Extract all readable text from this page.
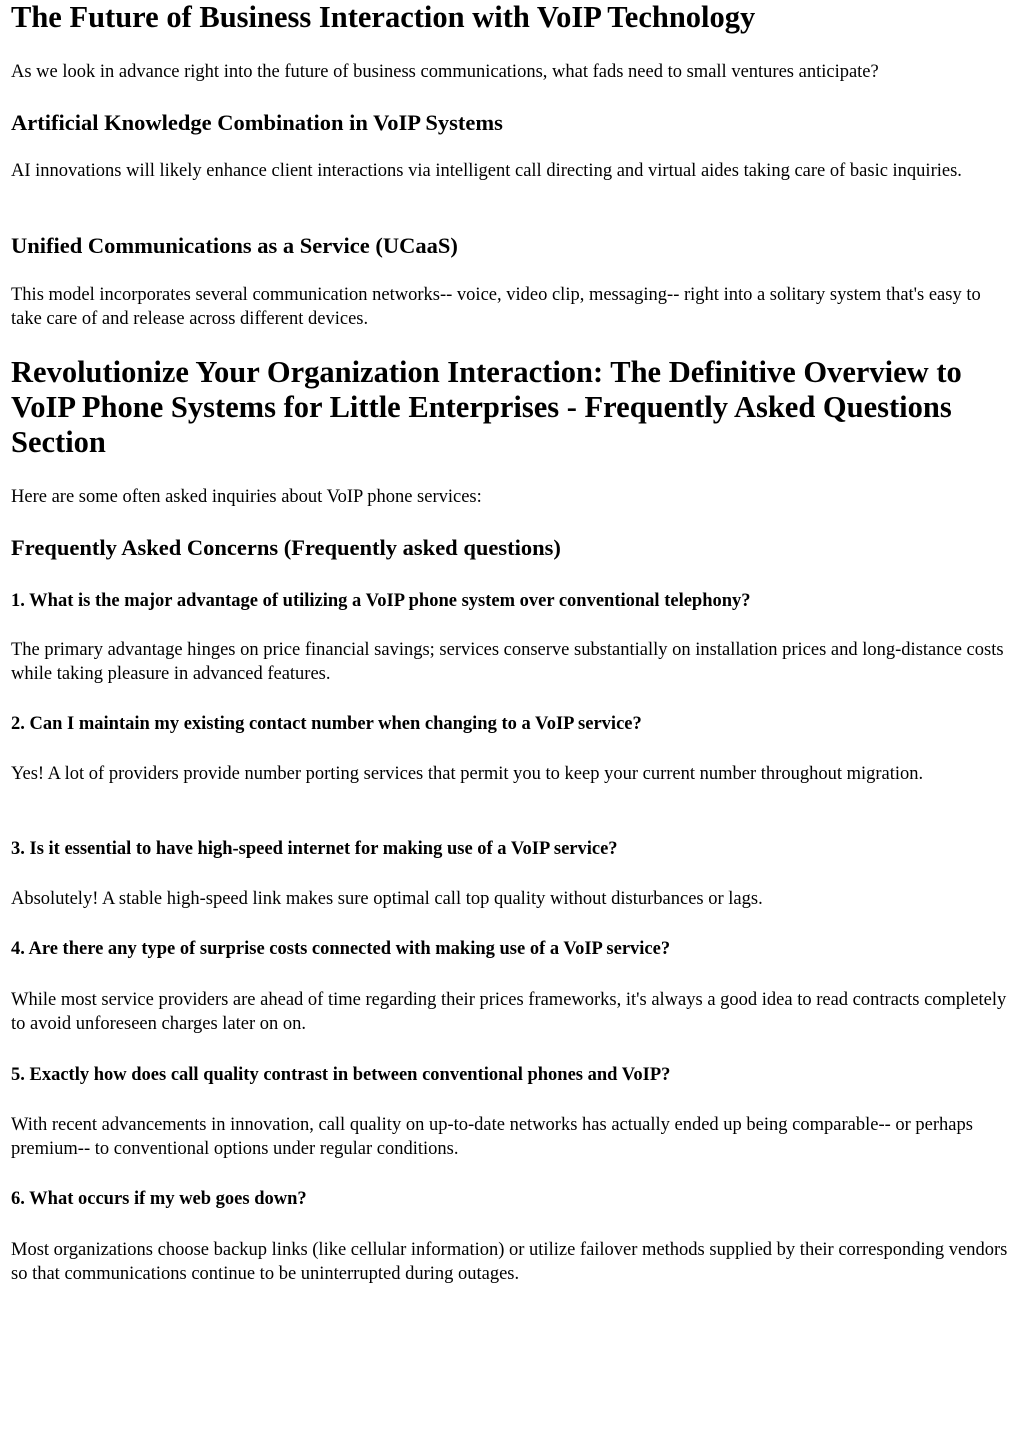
The Future of Business Interaction with VoIP Technology

As we look in advance right into the future of business communications, what fads need to small ventures anticipate?

Artificial Knowledge Combination in VoIP Systems

AI innovations will likely enhance client interactions via intelligent call directing and virtual aides taking care of basic inquiries.

Unified Communications as a Service (UCaaS)

This model incorporates several communication networks-- voice, video clip, messaging-- right into a solitary system that's easy to take care of and release across different devices.

Revolutionize Your Organization Interaction: The Definitive Overview to VoIP Phone Systems for Little Enterprises - Frequently Asked Questions Section

Here are some often asked inquiries about VoIP phone services:

Frequently Asked Concerns (Frequently asked questions)
1. What is the major advantage of utilizing a VoIP phone system over conventional telephony?

The primary advantage hinges on price financial savings; services conserve substantially on installation prices and long-distance costs while taking pleasure in advanced features.

2. Can I maintain my existing contact number when changing to a VoIP service?

Yes! A lot of providers provide number porting services that permit you to keep your current number throughout migration.

3. Is it essential to have high-speed internet for making use of a VoIP service?

Absolutely! A stable high-speed link makes sure optimal call top quality without disturbances or lags.

4. Are there any type of surprise costs connected with making use of a VoIP service?

While most service providers are ahead of time regarding their prices frameworks, it's always a good idea to read contracts completely to avoid unforeseen charges later on on.

5. Exactly how does call quality contrast in between conventional phones and VoIP?

With recent advancements in innovation, call quality on up-to-date networks has actually ended up being comparable-- or perhaps premium-- to conventional options under regular conditions.

6. What occurs if my web goes down?

Most organizations choose backup links (like cellular information) or utilize failover methods supplied by their corresponding vendors so that communications continue to be uninterrupted during outages.
